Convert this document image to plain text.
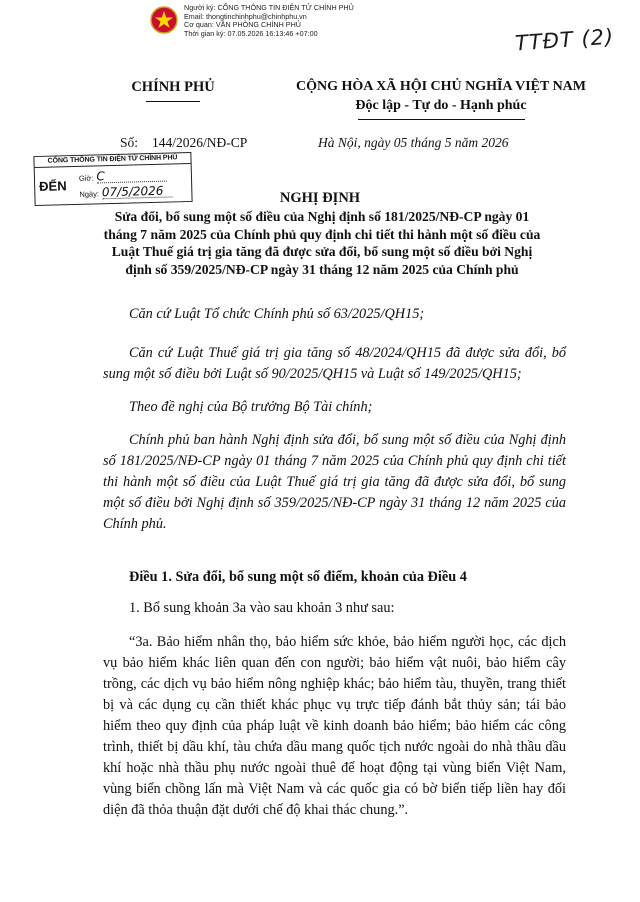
Người ký: CỔNG THÔNG TIN ĐIỆN TỬ CHÍNH PHỦ
Email: thongtinchinhphu@chinhphu.vn
Cơ quan: VĂN PHÒNG CHÍNH PHỦ
Thời gian ký: 07.05.2026 16:13:46 +07:00	TTĐT (2)
CHÍNH PHỦ	CỘNG HÒA XÃ HỘI CHỦ NGHĨA VIỆT NAM
Độc lập - Tự do - Hạnh phúc
Số: 144/2026/NĐ-CP	Hà Nội, ngày 05 tháng 5 năm 2026
CỔNG THÔNG TIN ĐIỆN TỬ CHÍNH PHỦ
ĐẾN
Giờ: C
Ngày: 07/5/2026	NGHỊ ĐỊNH
Sửa đổi, bổ sung một số điều của Nghị định số 181/2025/NĐ-CP ngày 01 tháng 7 năm 2025 của Chính phủ quy định chi tiết thi hành một số điều của Luật Thuế giá trị gia tăng đã được sửa đổi, bổ sung một số điều bởi Nghị định số 359/2025/NĐ-CP ngày 31 tháng 12 năm 2025 của Chính phủ

Căn cứ Luật Tổ chức Chính phủ số 63/2025/QH15;

Căn cứ Luật Thuế giá trị gia tăng số 48/2024/QH15 đã được sửa đổi, bổ sung một số điều bởi Luật số 90/2025/QH15 và Luật số 149/2025/QH15;

Theo đề nghị của Bộ trưởng Bộ Tài chính;

Chính phủ ban hành Nghị định sửa đổi, bổ sung một số điều của Nghị định số 181/2025/NĐ-CP ngày 01 tháng 7 năm 2025 của Chính phủ quy định chi tiết thi hành một số điều của Luật Thuế giá trị gia tăng đã được sửa đổi, bổ sung một số điều bởi Nghị định số 359/2025/NĐ-CP ngày 31 tháng 12 năm 2025 của Chính phủ.

Điều 1. Sửa đổi, bổ sung một số điểm, khoản của Điều 4

1. Bổ sung khoản 3a vào sau khoản 3 như sau:

“3a. Bảo hiểm nhân thọ, bảo hiểm sức khỏe, bảo hiểm người học, các dịch vụ bảo hiểm khác liên quan đến con người; bảo hiểm vật nuôi, bảo hiểm cây trồng, các dịch vụ bảo hiểm nông nghiệp khác; bảo hiểm tàu, thuyền, trang thiết bị và các dụng cụ cần thiết khác phục vụ trực tiếp đánh bắt thủy sản; tái bảo hiểm theo quy định của pháp luật về kinh doanh bảo hiểm; bảo hiểm các công trình, thiết bị dầu khí, tàu chứa dầu mang quốc tịch nước ngoài do nhà thầu dầu khí hoặc nhà thầu phụ nước ngoài thuê để hoạt động tại vùng biển Việt Nam, vùng biển chồng lấn mà Việt Nam và các quốc gia có bờ biển tiếp liền hay đối diện đã thỏa thuận đặt dưới chế độ khai thác chung.”.
